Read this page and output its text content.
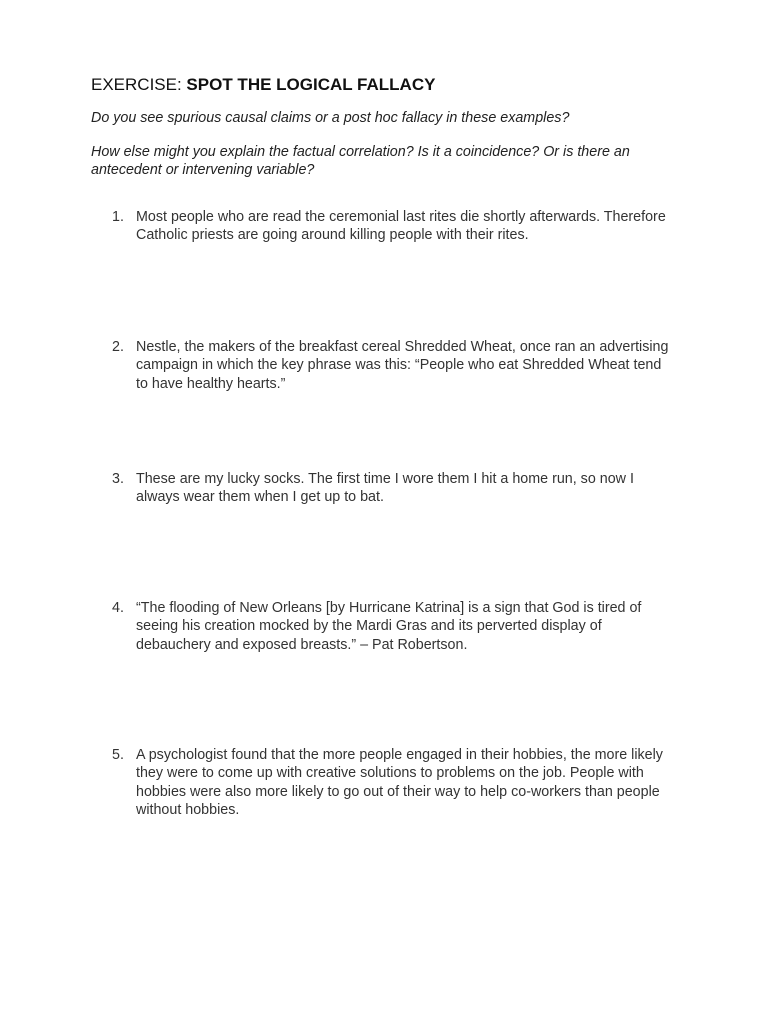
EXERCISE: SPOT THE LOGICAL FALLACY
Do you see spurious causal claims or a post hoc fallacy in these examples?
How else might you explain the factual correlation? Is it a coincidence? Or is there an antecedent or intervening variable?
1. Most people who are read the ceremonial last rites die shortly afterwards. Therefore Catholic priests are going around killing people with their rites.
2. Nestle, the makers of the breakfast cereal Shredded Wheat, once ran an advertising campaign in which the key phrase was this: “People who eat Shredded Wheat tend to have healthy hearts.”
3. These are my lucky socks. The first time I wore them I hit a home run, so now I always wear them when I get up to bat.
4. “The flooding of New Orleans [by Hurricane Katrina] is a sign that God is tired of seeing his creation mocked by the Mardi Gras and its perverted display of debauchery and exposed breasts.” – Pat Robertson.
5. A psychologist found that the more people engaged in their hobbies, the more likely they were to come up with creative solutions to problems on the job. People with hobbies were also more likely to go out of their way to help co-workers than people without hobbies.
